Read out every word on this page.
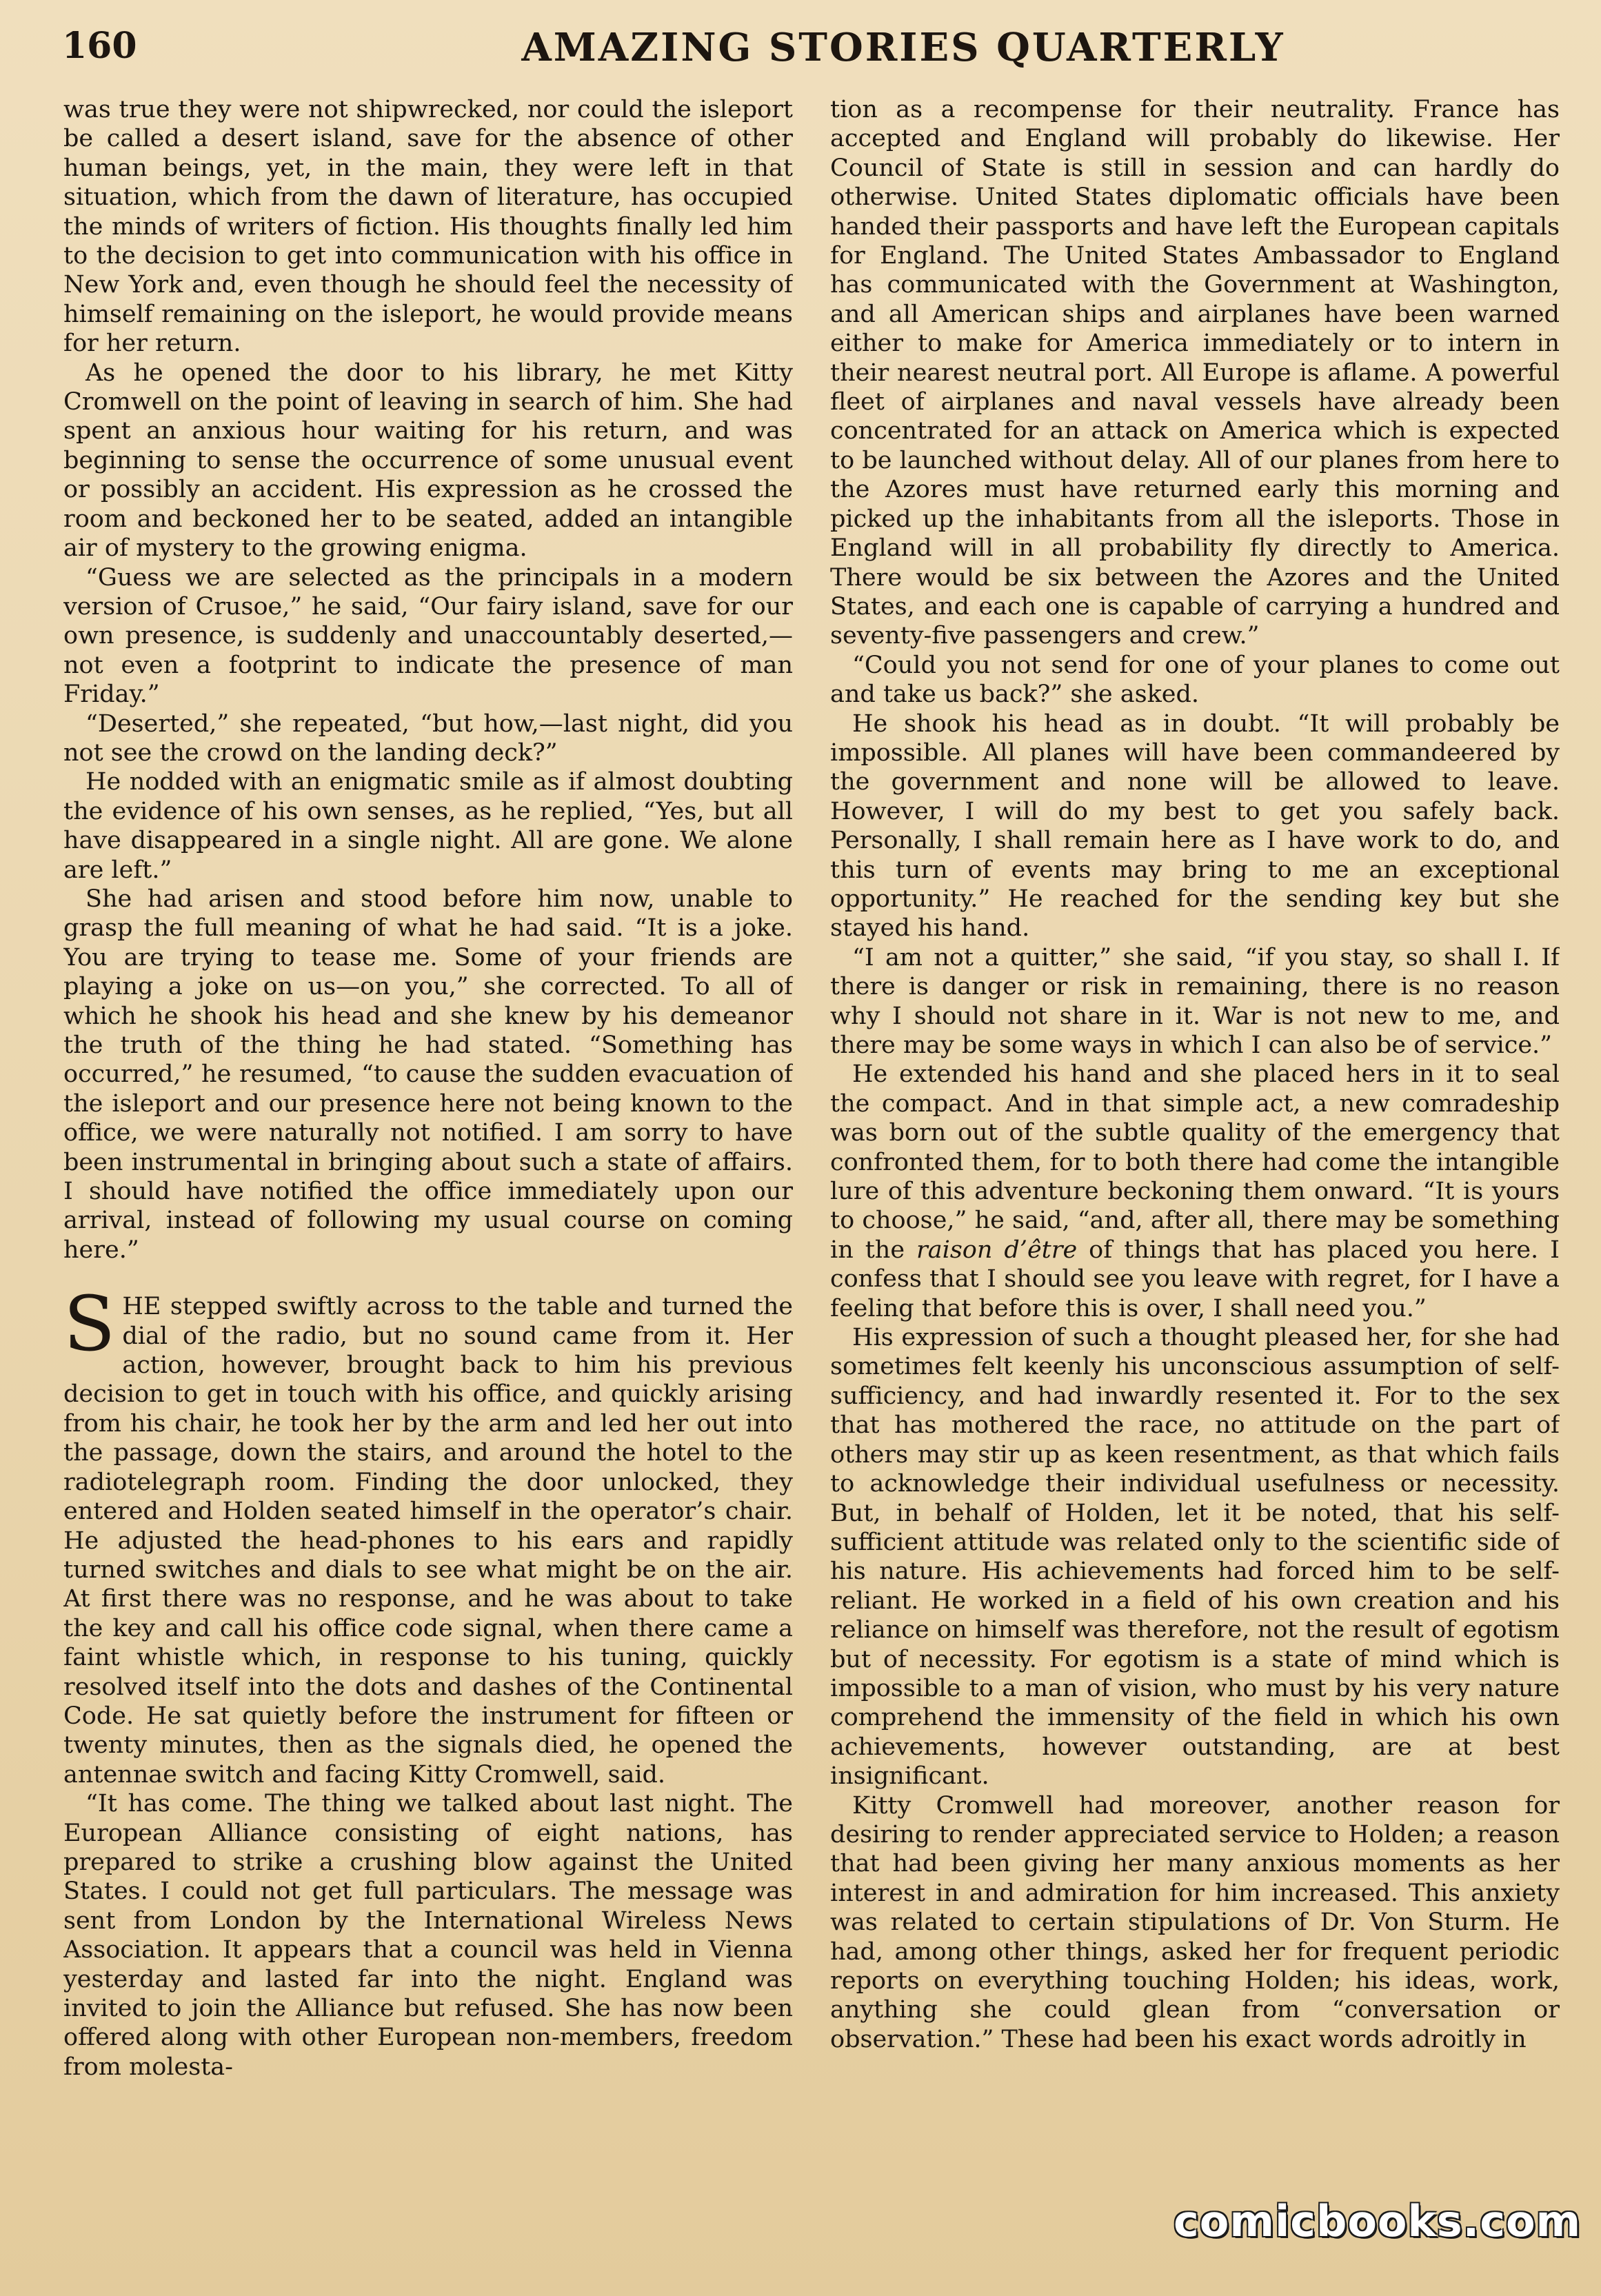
160	AMAZING STORIES QUARTERLY

was true they were not shipwrecked, nor could the isleport be called a desert island, save for the absence of other human beings, yet, in the main, they were left in that situation, which from the dawn of literature, has occupied the minds of writers of fiction. His thoughts finally led him to the decision to get into communication with his office in New York and, even though he should feel the necessity of himself remaining on the isleport, he would provide means for her return.

As he opened the door to his library, he met Kitty Cromwell on the point of leaving in search of him. She had spent an anxious hour waiting for his return, and was beginning to sense the occurrence of some unusual event or possibly an accident. His expression as he crossed the room and beckoned her to be seated, added an intangible air of mystery to the growing enigma.

“Guess we are selected as the principals in a modern version of Crusoe,” he said, “Our fairy island, save for our own presence, is suddenly and unaccountably deserted,—not even a footprint to indicate the presence of man Friday.”

“Deserted,” she repeated, “but how,—last night, did you not see the crowd on the landing deck?”

He nodded with an enigmatic smile as if almost doubting the evidence of his own senses, as he replied, “Yes, but all have disappeared in a single night. All are gone. We alone are left.”

She had arisen and stood before him now, unable to grasp the full meaning of what he had said. “It is a joke. You are trying to tease me. Some of your friends are playing a joke on us—on you,” she corrected. To all of which he shook his head and she knew by his demeanor the truth of the thing he had stated. “Something has occurred,” he resumed, “to cause the sudden evacuation of the isleport and our presence here not being known to the office, we were naturally not notified. I am sorry to have been instrumental in bringing about such a state of affairs. I should have notified the office immediately upon our arrival, instead of following my usual course on coming here.”

SHE stepped swiftly across to the table and turned the dial of the radio, but no sound came from it. Her action, however, brought back to him his previous decision to get in touch with his office, and quickly arising from his chair, he took her by the arm and led her out into the passage, down the stairs, and around the hotel to the radiotelegraph room. Finding the door unlocked, they entered and Holden seated himself in the operator’s chair. He adjusted the head-phones to his ears and rapidly turned switches and dials to see what might be on the air. At first there was no response, and he was about to take the key and call his office code signal, when there came a faint whistle which, in response to his tuning, quickly resolved itself into the dots and dashes of the Continental Code. He sat quietly before the instrument for fifteen or twenty minutes, then as the signals died, he opened the antennae switch and facing Kitty Cromwell, said.

“It has come. The thing we talked about last night. The European Alliance consisting of eight nations, has prepared to strike a crushing blow against the United States. I could not get full particulars. The message was sent from London by the International Wireless News Association. It appears that a council was held in Vienna yesterday and lasted far into the night. England was invited to join the Alliance but refused. She has now been offered along with other European non-members, freedom from molesta-

tion as a recompense for their neutrality. France has accepted and England will probably do likewise. Her Council of State is still in session and can hardly do otherwise. United States diplomatic officials have been handed their passports and have left the European capitals for England. The United States Ambassador to England has communicated with the Government at Washington, and all American ships and airplanes have been warned either to make for America immediately or to intern in their nearest neutral port. All Europe is aflame. A powerful fleet of airplanes and naval vessels have already been concentrated for an attack on America which is expected to be launched without delay. All of our planes from here to the Azores must have returned early this morning and picked up the inhabitants from all the isleports. Those in England will in all probability fly directly to America. There would be six between the Azores and the United States, and each one is capable of carrying a hundred and seventy-five passengers and crew.”

“Could you not send for one of your planes to come out and take us back?” she asked.

He shook his head as in doubt. “It will probably be impossible. All planes will have been commandeered by the government and none will be allowed to leave. However, I will do my best to get you safely back. Personally, I shall remain here as I have work to do, and this turn of events may bring to me an exceptional opportunity.” He reached for the sending key but she stayed his hand.

“I am not a quitter,” she said, “if you stay, so shall I. If there is danger or risk in remaining, there is no reason why I should not share in it. War is not new to me, and there may be some ways in which I can also be of service.”

He extended his hand and she placed hers in it to seal the compact. And in that simple act, a new comradeship was born out of the subtle quality of the emergency that confronted them, for to both there had come the intangible lure of this adventure beckoning them onward. “It is yours to choose,” he said, “and, after all, there may be something in the raison d’être of things that has placed you here. I confess that I should see you leave with regret, for I have a feeling that before this is over, I shall need you.”

His expression of such a thought pleased her, for she had sometimes felt keenly his unconscious assumption of self-sufficiency, and had inwardly resented it. For to the sex that has mothered the race, no attitude on the part of others may stir up as keen resentment, as that which fails to acknowledge their individual usefulness or necessity. But, in behalf of Holden, let it be noted, that his self-sufficient attitude was related only to the scientific side of his nature. His achievements had forced him to be self-reliant. He worked in a field of his own creation and his reliance on himself was therefore, not the result of egotism but of necessity. For egotism is a state of mind which is impossible to a man of vision, who must by his very nature comprehend the immensity of the field in which his own achievements, however outstanding, are at best insignificant.

Kitty Cromwell had moreover, another reason for desiring to render appreciated service to Holden; a reason that had been giving her many anxious moments as her interest in and admiration for him increased. This anxiety was related to certain stipulations of Dr. Von Sturm. He had, among other things, asked her for frequent periodic reports on everything touching Holden; his ideas, work, anything she could glean from “conversation or observation.” These had been his exact words adroitly in

comicbooks.com
